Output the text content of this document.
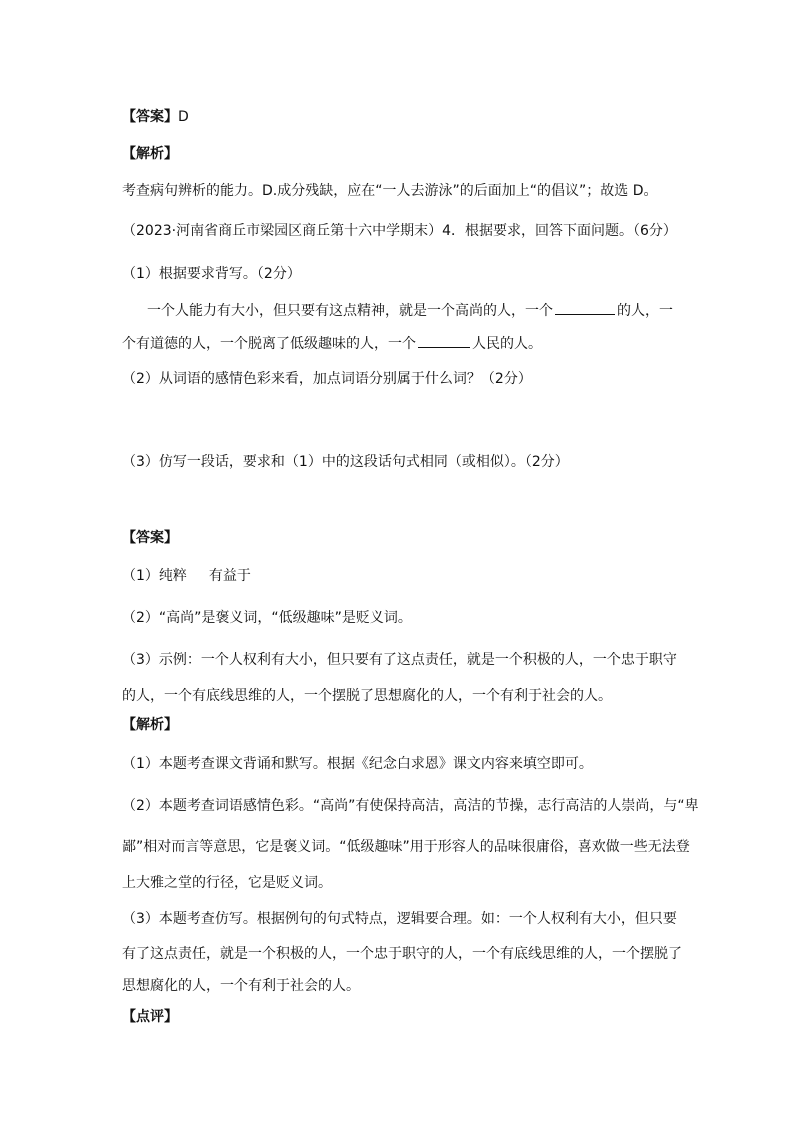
【答案】D
【解析】
考查病句辨析的能力。D.成分残缺，应在“一人去游泳”的后面加上“的倡议”；故选 D。
（2023·河南省商丘市梁园区商丘第十六中学期末）4．根据要求，回答下面问题。（6分）
（1）根据要求背写。（2分）
一个人能力有大小，但只要有这点精神，就是一个高尚的人，一个	的人，一
个有道德的人，一个脱离了低级趣味的人，一个	人民的人。
（2）从词语的感情色彩来看，加点词语分别属于什么词？（2分）
（3）仿写一段话，要求和（1）中的这段话句式相同（或相似）。（2分）
【答案】
（1）纯粹 有益于
（2）“高尚”是褒义词，“低级趣味”是贬义词。
（3）示例：一个人权利有大小，但只要有了这点责任，就是一个积极的人，一个忠于职守
的人，一个有底线思维的人，一个摆脱了思想腐化的人，一个有利于社会的人。
【解析】
（1）本题考查课文背诵和默写。根据《纪念白求恩》课文内容来填空即可。
（2）本题考查词语感情色彩。“高尚”有使保持高洁，高洁的节操，志行高洁的人崇尚，与“卑
鄙”相对而言等意思，它是褒义词。“低级趣味”用于形容人的品味很庸俗，喜欢做一些无法登
上大雅之堂的行径，它是贬义词。
（3）本题考查仿写。根据例句的句式特点，逻辑要合理。如：一个人权利有大小，但只要
有了这点责任，就是一个积极的人，一个忠于职守的人，一个有底线思维的人，一个摆脱了
思想腐化的人，一个有利于社会的人。
【点评】
